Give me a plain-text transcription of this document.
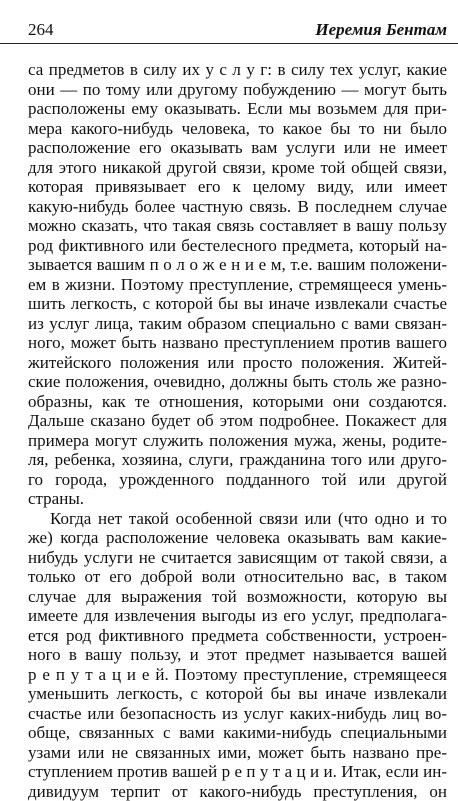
264	Иеремия Бентам
са предметов в силу их у с л у г: в силу тех услуг, какие
они — по тому или другому побуждению — могут быть
расположены ему оказывать. Если мы возьмем для при-
мера какого-нибудь человека, то какое бы то ни было
расположение его оказывать вам услуги или не имеет
для этого никакой другой связи, кроме той общей связи,
которая привязывает его к целому виду, или имеет
какую-нибудь более частную связь. В последнем случае
можно сказать, что такая связь составляет в вашу пользу
род фиктивного или бестелесного предмета, который на-
зывается вашим п о л о ж е н и е м, т.е. вашим положени-
ем в жизни. Поэтому преступление, стремящееся умень-
шить легкость, с которой бы вы иначе извлекали счастье
из услуг лица, таким образом специально с вами связан-
ного, может быть названо преступлением против вашего
житейского положения или просто положения. Житей-
ские положения, очевидно, должны быть столь же разно-
образны, как те отношения, которыми они создаются.
Дальше сказано будет об этом подробнее. Покажест для
примера могут служить положения мужа, жены, родите-
ля, ребенка, хозяина, слуги, гражданина того или друго-
го города, урожденного подданного той или другой
страны.
Когда нет такой особенной связи или (что одно и то
же) когда расположение человека оказывать вам какие-
нибудь услуги не считается зависящим от такой связи, а
только от его доброй воли относительно вас, в таком
случае для выражения той возможности, которую вы
имеете для извлечения выгоды из его услуг, предполага-
ется род фиктивного предмета собственности, устроен-
ного в вашу пользу, и этот предмет называется вашей
р е п у т а ц и е й. Поэтому преступление, стремящееся
уменьшить легкость, с которой бы вы иначе извлекали
счастье или безопасность из услуг каких-нибудь лиц во-
обще, связанных с вами какими-нибудь специальными
узами или не связанных ими, может быть названо пре-
ступлением против вашей р е п у т а ц и и. Итак, если ин-
дивидуум терпит от какого-нибудь преступления, он
